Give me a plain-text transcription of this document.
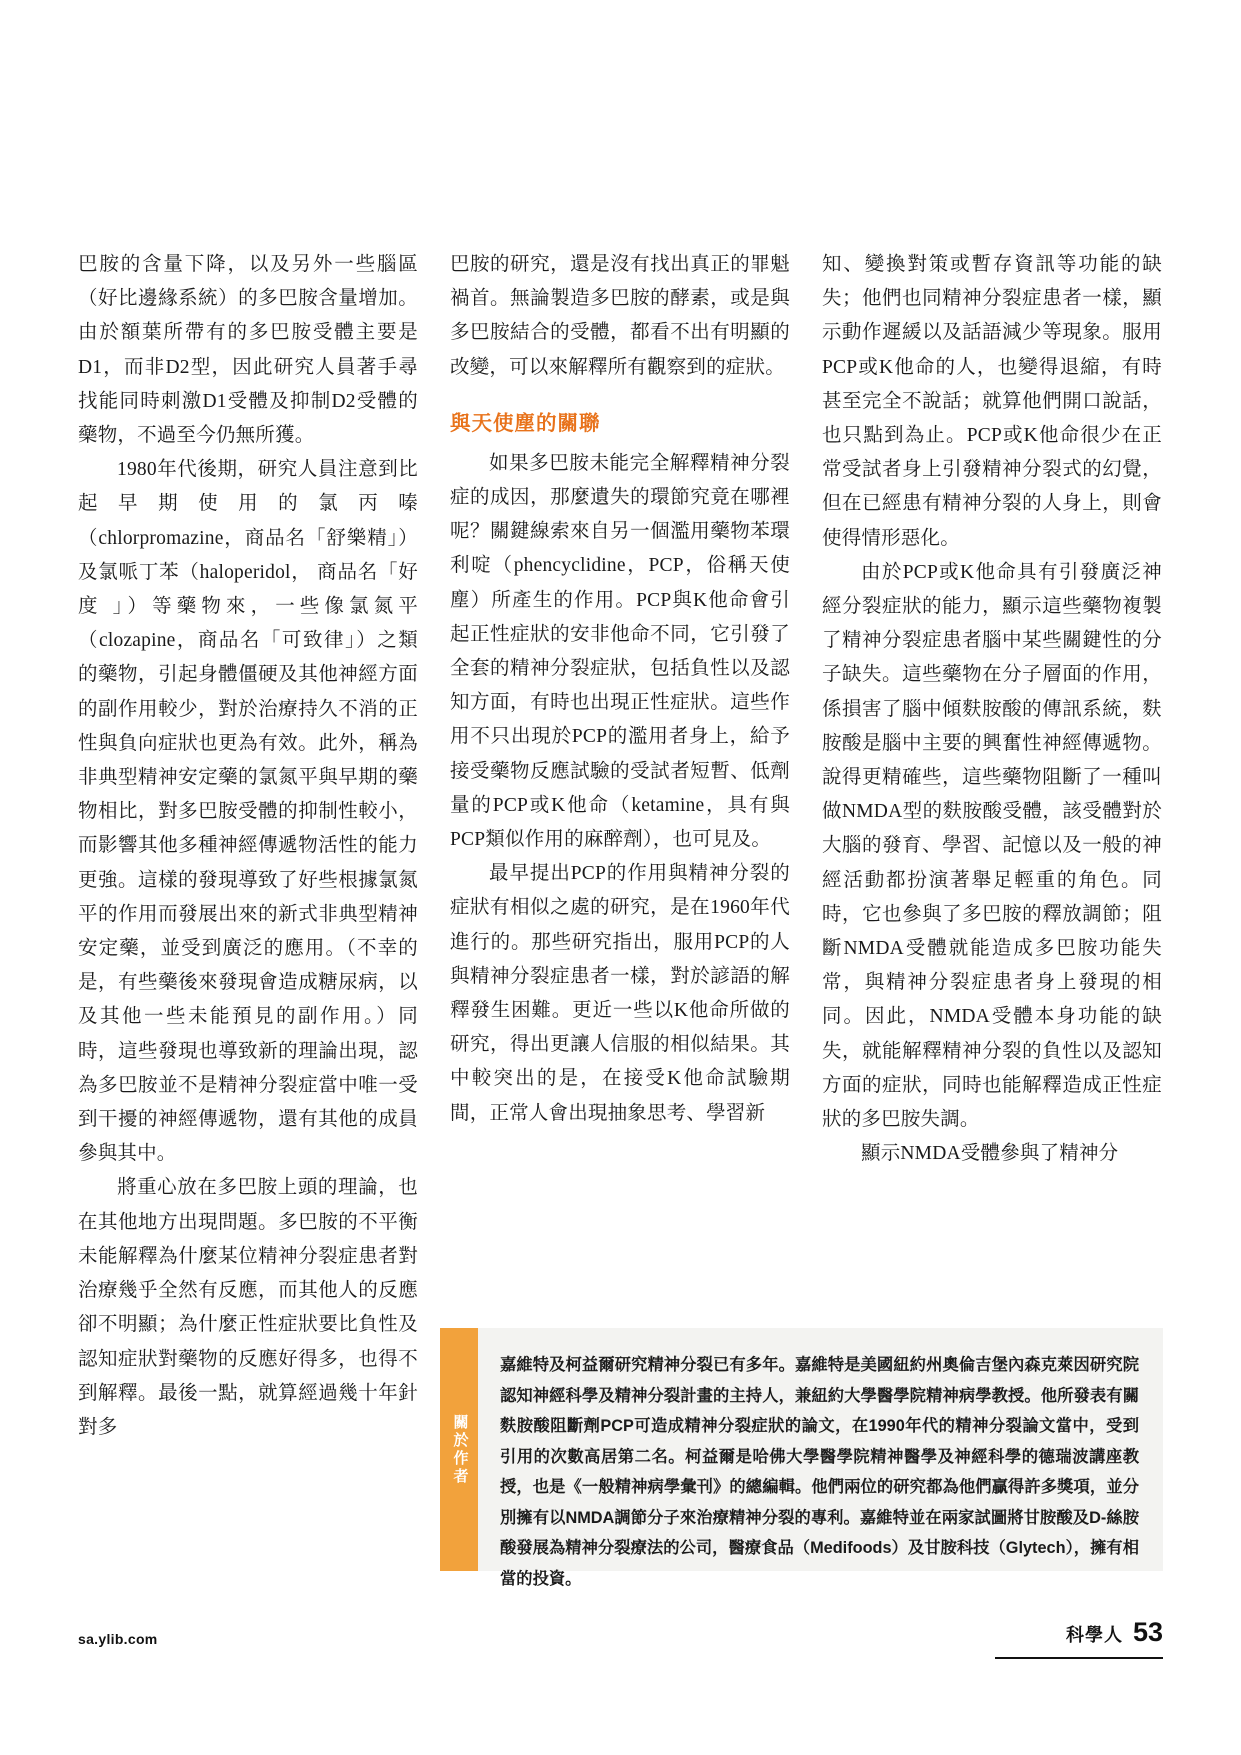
巴胺的含量下降，以及另外一些腦區（好比邊緣系統）的多巴胺含量增加。由於額葉所帶有的多巴胺受體主要是D1，而非D2型，因此研究人員著手尋找能同時刺激D1受體及抑制D2受體的藥物，不過至今仍無所獲。

1980年代後期，研究人員注意到比起早期使用的氯丙嗪（chlorpromazine，商品名「舒樂精」）及氯哌丁苯（haloperidol， 商品名「好度 」）等藥物來，一些像氯氮平（clozapine，商品名「可致律」）之類的藥物，引起身體僵硬及其他神經方面的副作用較少，對於治療持久不消的正性與負向症狀也更為有效。此外，稱為非典型精神安定藥的氯氮平與早期的藥物相比，對多巴胺受體的抑制性較小，而影響其他多種神經傳遞物活性的能力更強。這樣的發現導致了好些根據氯氮平的作用而發展出來的新式非典型精神安定藥，並受到廣泛的應用。（不幸的是，有些藥後來發現會造成糖尿病，以及其他一些未能預見的副作用。）同時，這些發現也導致新的理論出現，認為多巴胺並不是精神分裂症當中唯一受到干擾的神經傳遞物，還有其他的成員參與其中。

將重心放在多巴胺上頭的理論，也在其他地方出現問題。多巴胺的不平衡未能解釋為什麼某位精神分裂症患者對治療幾乎全然有反應，而其他人的反應卻不明顯；為什麼正性症狀要比負性及認知症狀對藥物的反應好得多，也得不到解釋。最後一點，就算經過幾十年針對多

巴胺的研究，還是沒有找出真正的罪魁禍首。無論製造多巴胺的酵素，或是與多巴胺結合的受體，都看不出有明顯的改變，可以來解釋所有觀察到的症狀。

與天使塵的關聯

如果多巴胺未能完全解釋精神分裂症的成因，那麼遺失的環節究竟在哪裡呢？關鍵線索來自另一個濫用藥物苯環利啶（phencyclidine，PCP，俗稱天使塵）所產生的作用。PCP與K他命會引起正性症狀的安非他命不同，它引發了全套的精神分裂症狀，包括負性以及認知方面，有時也出現正性症狀。這些作用不只出現於PCP的濫用者身上，給予接受藥物反應試驗的受試者短暫、低劑量的PCP或K他命（ketamine，具有與PCP類似作用的麻醉劑），也可見及。

最早提出PCP的作用與精神分裂的症狀有相似之處的研究，是在1960年代進行的。那些研究指出，服用PCP的人與精神分裂症患者一樣，對於諺語的解釋發生困難。更近一些以K他命所做的研究，得出更讓人信服的相似結果。其中較突出的是，在接受K他命試驗期間，正常人會出現抽象思考、學習新

知、變換對策或暫存資訊等功能的缺失；他們也同精神分裂症患者一樣，顯示動作遲緩以及話語減少等現象。服用PCP或K他命的人，也變得退縮，有時甚至完全不說話；就算他們開口說話，也只點到為止。PCP或K他命很少在正常受試者身上引發精神分裂式的幻覺，但在已經患有精神分裂的人身上，則會使得情形惡化。

由於PCP或K他命具有引發廣泛神經分裂症狀的能力，顯示這些藥物複製了精神分裂症患者腦中某些關鍵性的分子缺失。這些藥物在分子層面的作用，係損害了腦中傾麩胺酸的傳訊系統，麩胺酸是腦中主要的興奮性神經傳遞物。說得更精確些，這些藥物阻斷了一種叫做NMDA型的麩胺酸受體，該受體對於大腦的發育、學習、記憶以及一般的神經活動都扮演著舉足輕重的角色。同時，它也參與了多巴胺的釋放調節；阻斷NMDA受體就能造成多巴胺功能失常，與精神分裂症患者身上發現的相同。因此，NMDA受體本身功能的缺失，就能解釋精神分裂的負性以及認知方面的症狀，同時也能解釋造成正性症狀的多巴胺失調。

顯示NMDA受體參與了精神分

關於作者
嘉維特及柯益爾研究精神分裂已有多年。嘉維特是美國紐約州奧倫吉堡內森克萊因研究院認知神經科學及精神分裂計畫的主持人，兼紐約大學醫學院精神病學教授。他所發表有關麩胺酸阻斷劑PCP可造成精神分裂症狀的論文，在1990年代的精神分裂論文當中，受到引用的次數高居第二名。柯益爾是哈佛大學醫學院精神醫學及神經科學的德瑞波講座教授，也是《一般精神病學彙刊》的總編輯。他們兩位的研究都為他們贏得許多獎項，並分別擁有以NMDA調節分子來治療精神分裂的專利。嘉維特並在兩家試圖將甘胺酸及D-絲胺酸發展為精神分裂療法的公司，醫療食品（Medifoods）及甘胺科技（Glytech），擁有相當的投資。
sa.ylib.com	科學人 53
